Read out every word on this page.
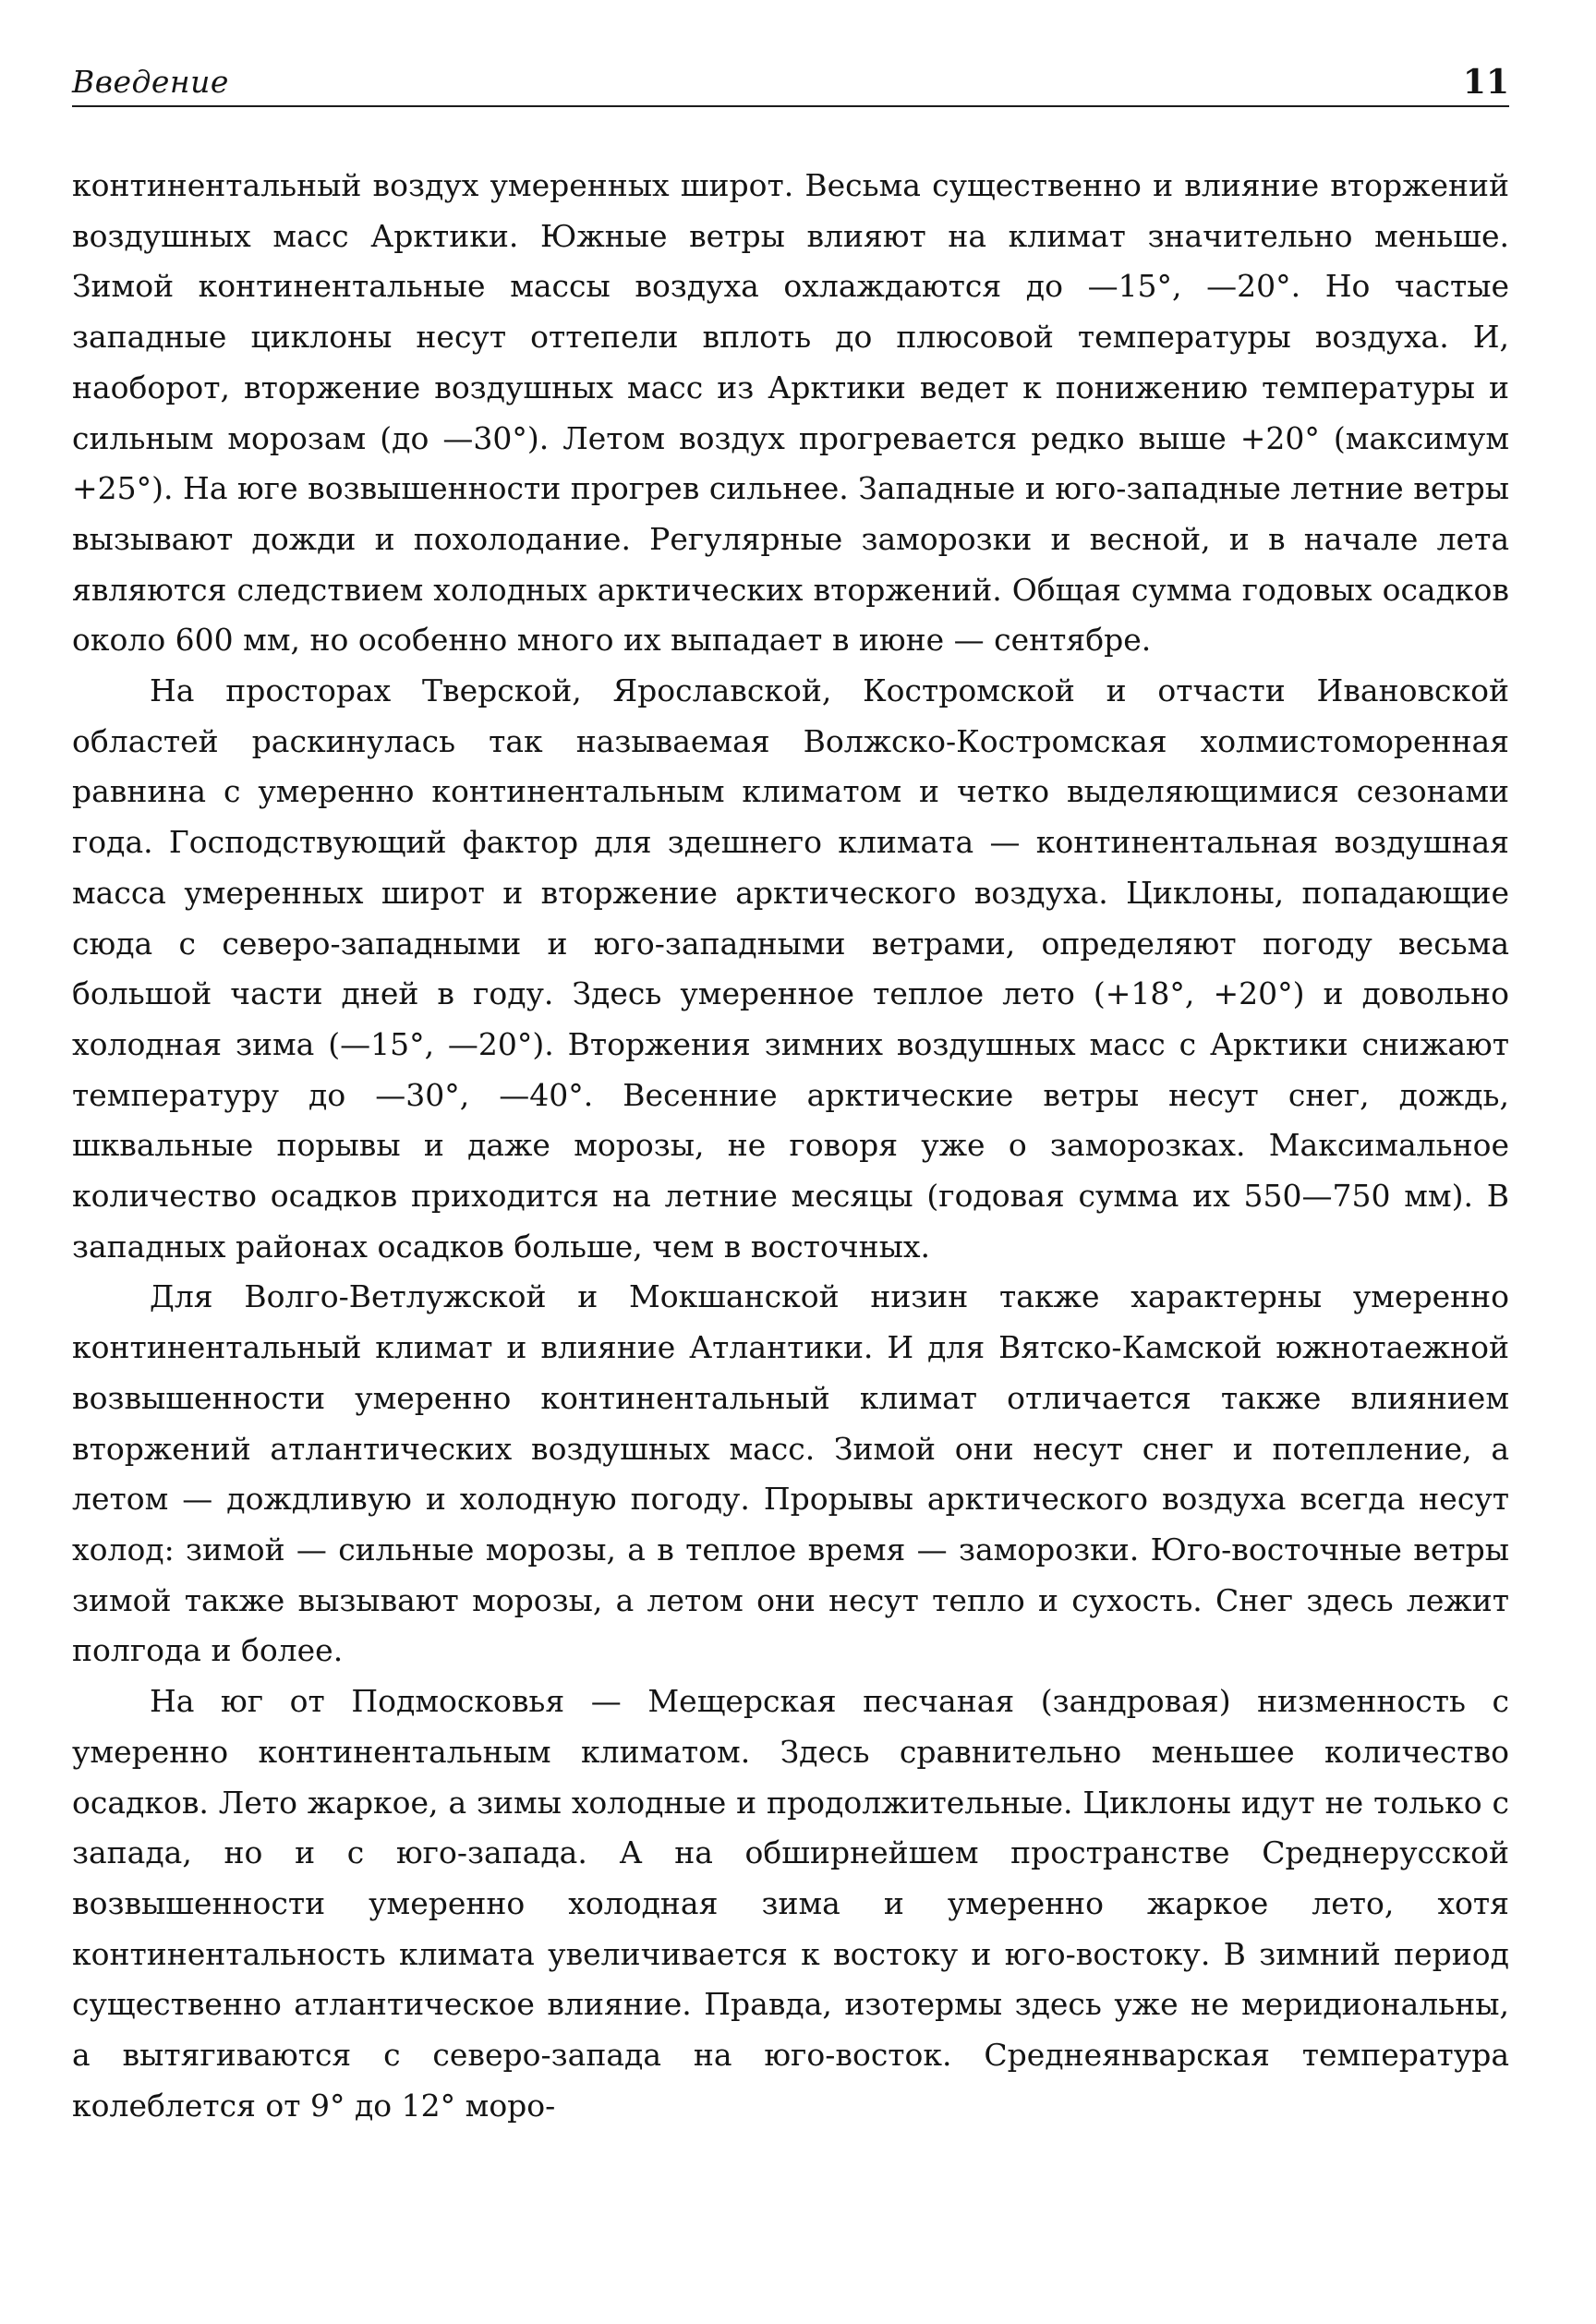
Введение	11

континентальный воздух умеренных широт. Весьма существенно и влияние вторжений воздушных масс Арктики. Южные ветры влияют на климат значительно меньше. Зимой континентальные массы воздуха охлаждаются до —15°, —20°. Но частые западные циклоны несут оттепели вплоть до плюсовой температуры воздуха. И, наоборот, вторжение воздушных масс из Арктики ведет к понижению температуры и сильным морозам (до —30°). Летом воздух прогревается редко выше +20° (максимум +25°). На юге возвышенности прогрев сильнее. Западные и юго-западные летние ветры вызывают дожди и похолодание. Регулярные заморозки и весной, и в начале лета являются следствием холодных арктических вторжений. Общая сумма годовых осадков около 600 мм, но особенно много их выпадает в июне — сентябре.

На просторах Тверской, Ярославской, Костромской и отчасти Ивановской областей раскинулась так называемая Волжско-Костромская холмистоморенная равнина с умеренно континентальным климатом и четко выделяющимися сезонами года. Господствующий фактор для здешнего климата — континентальная воздушная масса умеренных широт и вторжение арктического воздуха. Циклоны, попадающие сюда с северо-западными и юго-западными ветрами, определяют погоду весьма большой части дней в году. Здесь умеренное теплое лето (+18°, +20°) и довольно холодная зима (—15°, —20°). Вторжения зимних воздушных масс с Арктики снижают температуру до —30°, —40°. Весенние арктические ветры несут снег, дождь, шквальные порывы и даже морозы, не говоря уже о заморозках. Максимальное количество осадков приходится на летние месяцы (годовая сумма их 550—750 мм). В западных районах осадков больше, чем в восточных.

Для Волго-Ветлужской и Мокшанской низин также характерны умеренно континентальный климат и влияние Атлантики. И для Вятско-Камской южнотаежной возвышенности умеренно континентальный климат отличается также влиянием вторжений атлантических воздушных масс. Зимой они несут снег и потепление, а летом — дождливую и холодную погоду. Прорывы арктического воздуха всегда несут холод: зимой — сильные морозы, а в теплое время — заморозки. Юго-восточные ветры зимой также вызывают морозы, а летом они несут тепло и сухость. Снег здесь лежит полгода и более.

На юг от Подмосковья — Мещерская песчаная (зандровая) низменность с умеренно континентальным климатом. Здесь сравнительно меньшее количество осадков. Лето жаркое, а зимы холодные и продолжительные. Циклоны идут не только с запада, но и с юго-запада. А на обширнейшем пространстве Среднерусской возвышенности умеренно холодная зима и умеренно жаркое лето, хотя континентальность климата увеличивается к востоку и юго-востоку. В зимний период существенно атлантическое влияние. Правда, изотермы здесь уже не меридиональны, а вытягиваются с северо-запада на юго-восток. Среднеянварская температура колеблется от 9° до 12° моро-
